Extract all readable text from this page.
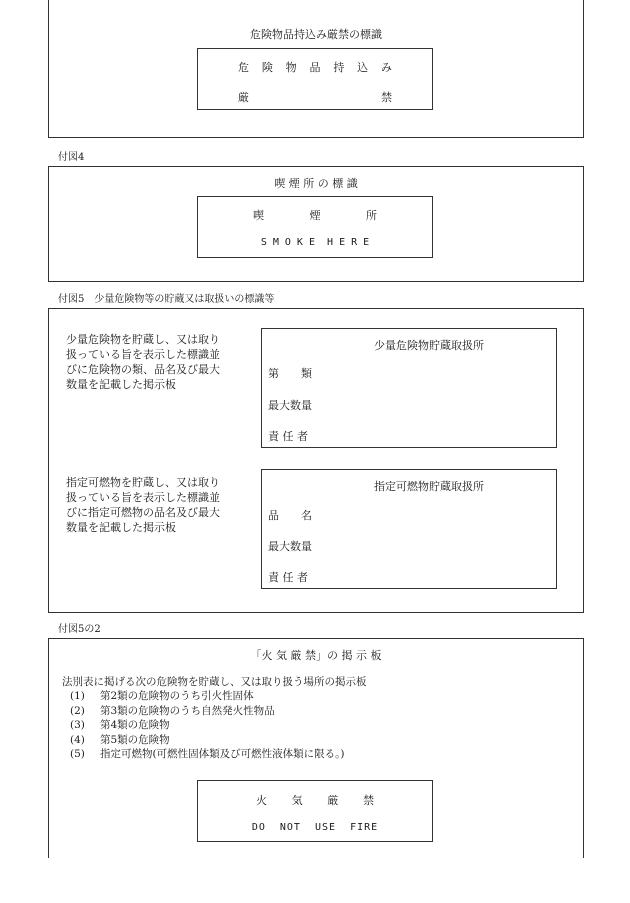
危険物品持込み厳禁の標識
危 険 物 品 持 込 み
厳	禁
付図4
喫 煙 所 の 標 識
喫	煙	所
S M O K E  H E R E
付図5　少量危険物等の貯蔵又は取扱いの標識等
少量危険物を貯蔵し、又は取り
扱っている旨を表示した標識並
びに危険物の類、品名及び最大
数量を記載した掲示板
少量危険物貯蔵取扱所
第　　類
最大数量
責 任 者
指定可燃物を貯蔵し、又は取り
扱っている旨を表示した標識並
びに指定可燃物の品名及び最大
数量を記載した掲示板
指定可燃物貯蔵取扱所
品　　名
最大数量
責 任 者
付図5の2
「火 気 厳 禁」の 掲 示 板
法別表に掲げる次の危険物を貯蔵し、又は取り扱う場所の掲示板
(1) 第2類の危険物のうち引火性固体
(2) 第3類の危険物のうち自然発火性物品
(3) 第4類の危険物
(4) 第5類の危険物
(5) 指定可燃物(可燃性固体類及び可燃性液体類に限る。)
火 気 厳 禁
DO  NOT  USE  FIRE
